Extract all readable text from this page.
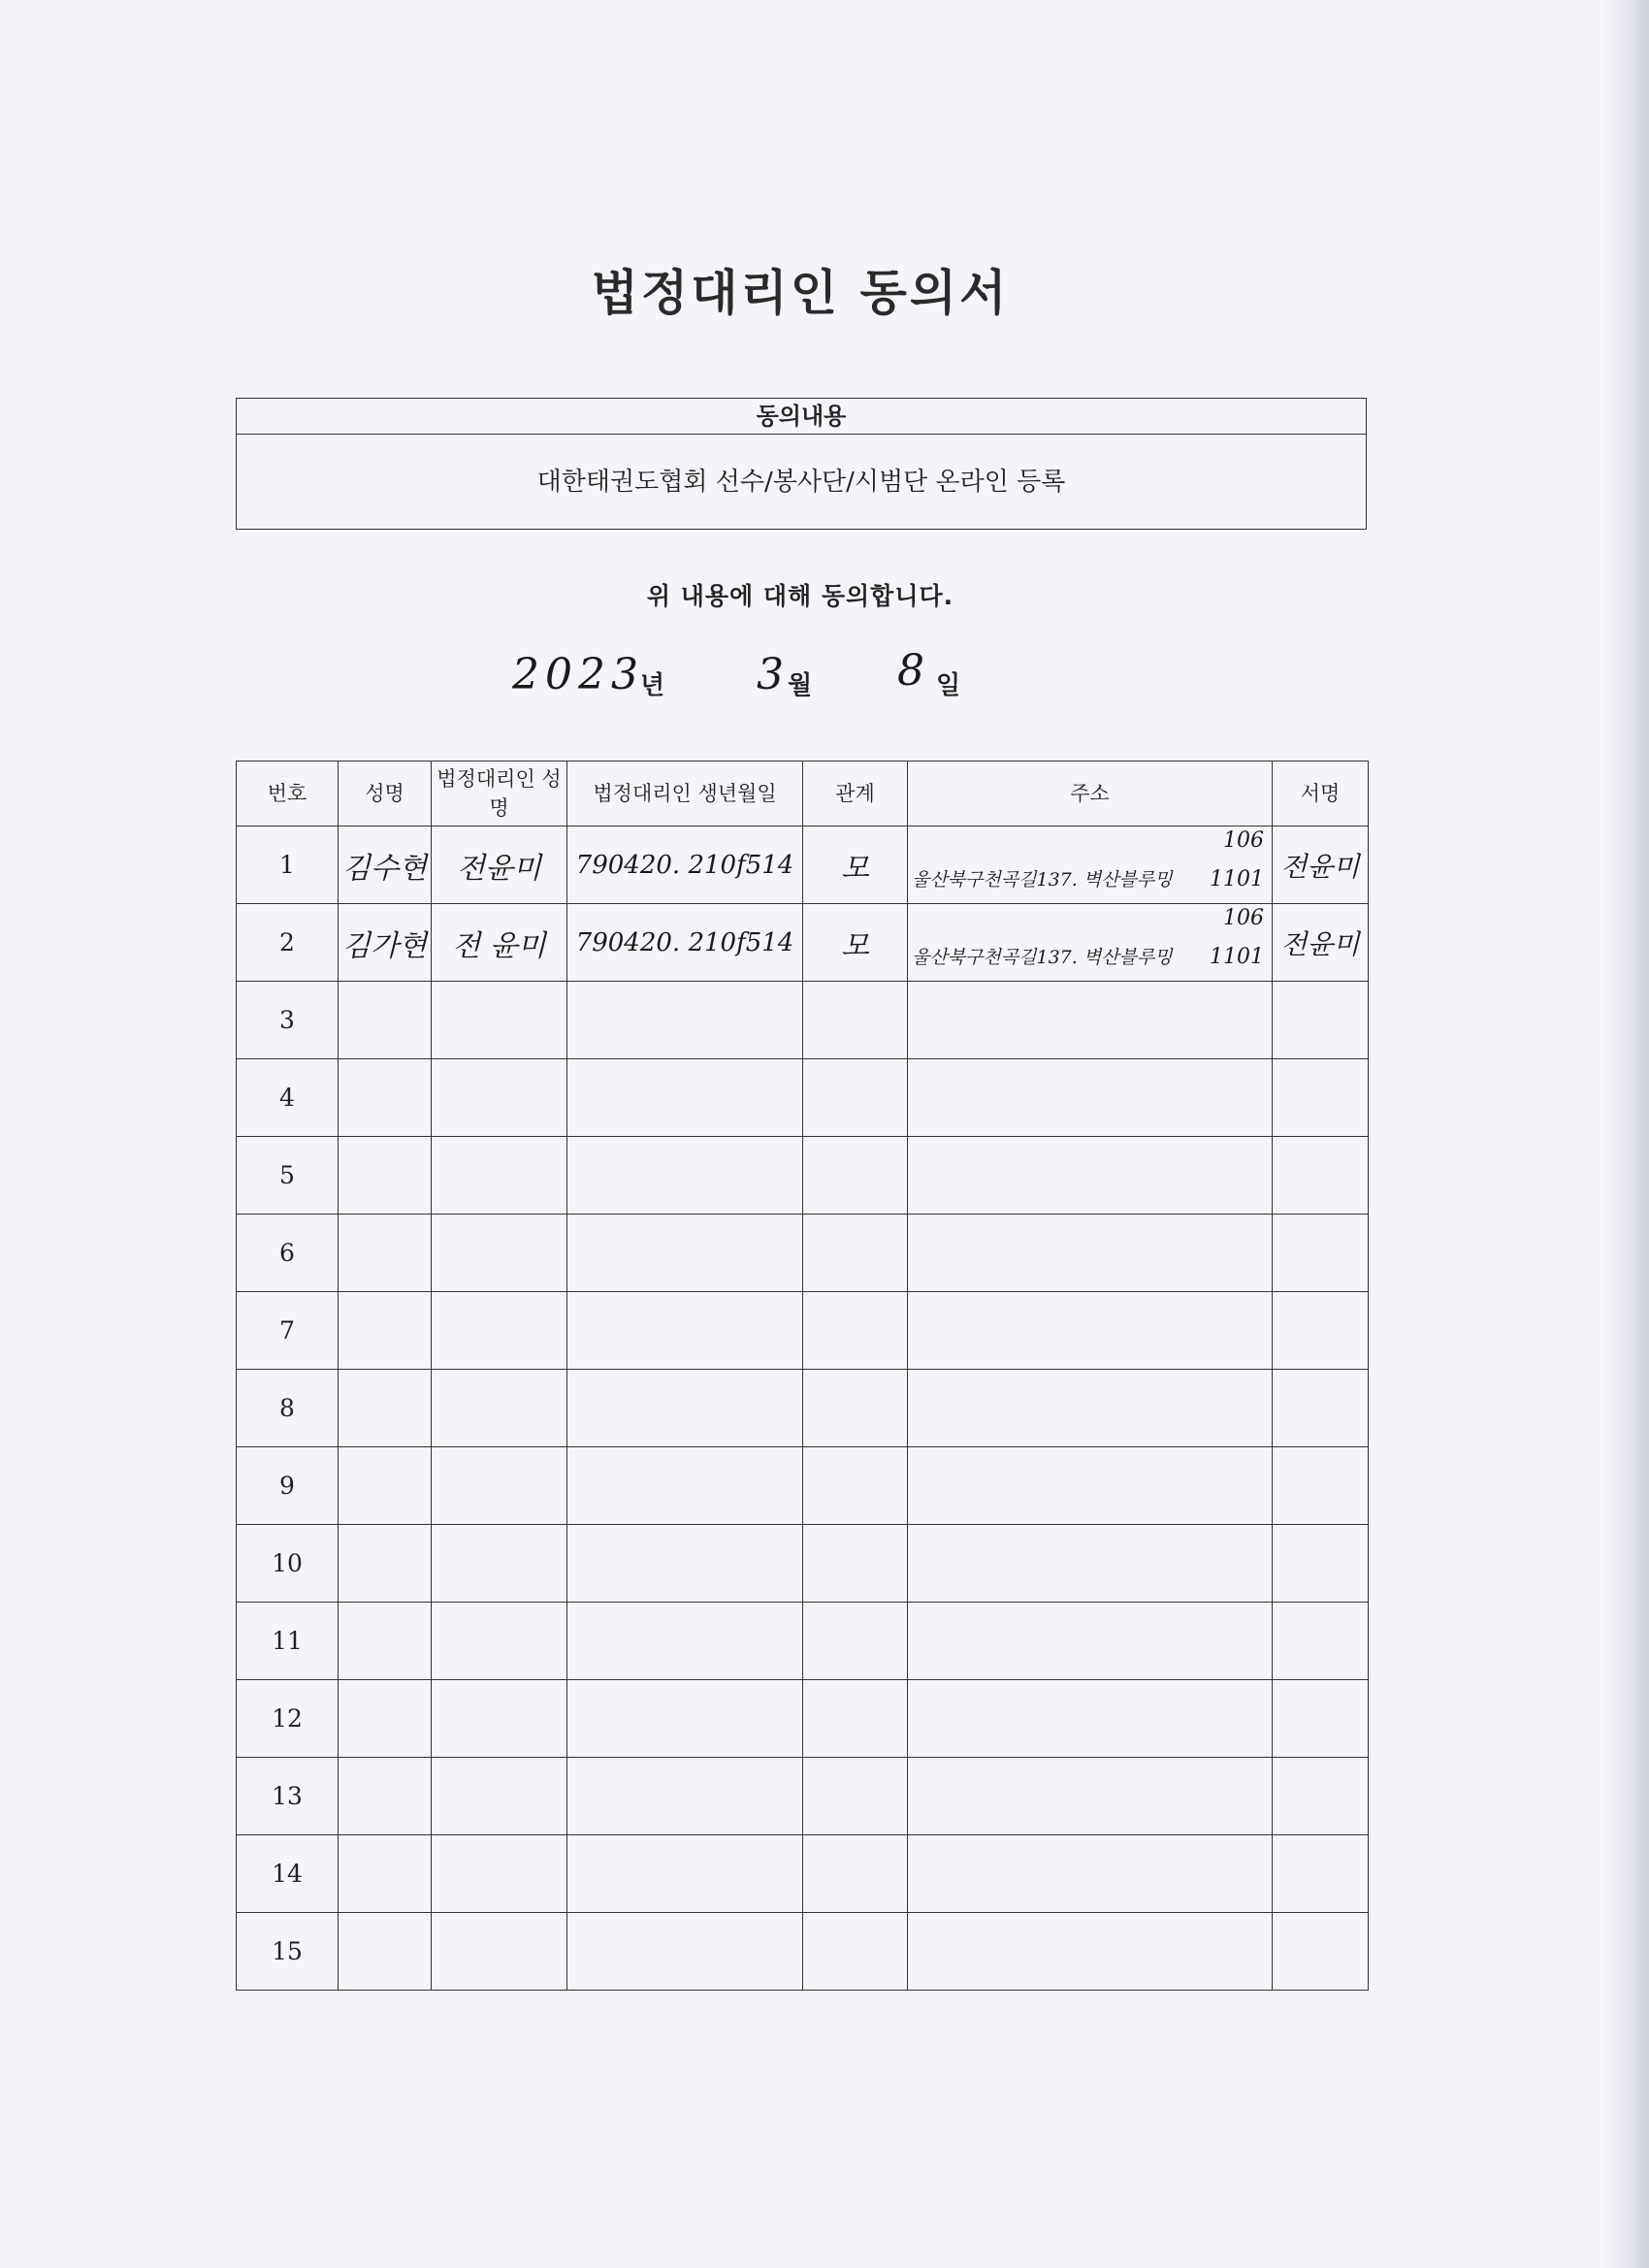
법정대리인 동의서
동의내용
대한태권도협회 선수/봉사단/시범단 온라인 등록
위 내용에 대해 동의합니다.
2023
년 3 월 8 일
번호	성명	법정대리인 성명	법정대리인 생년월일	관계	주소	서명
1	김수현	전윤미	790420. 210f514	모	106
울산북구천곡길137. 벽산블루밍 1101	전윤미
2	김가현	전 윤미	790420. 210f514	모	106
울산북구천곡길137. 벽산블루밍 1101	전윤미
3					

4					

5					

6					

7					

8					

9					

10					

11					

12					

13					

14					

15					
